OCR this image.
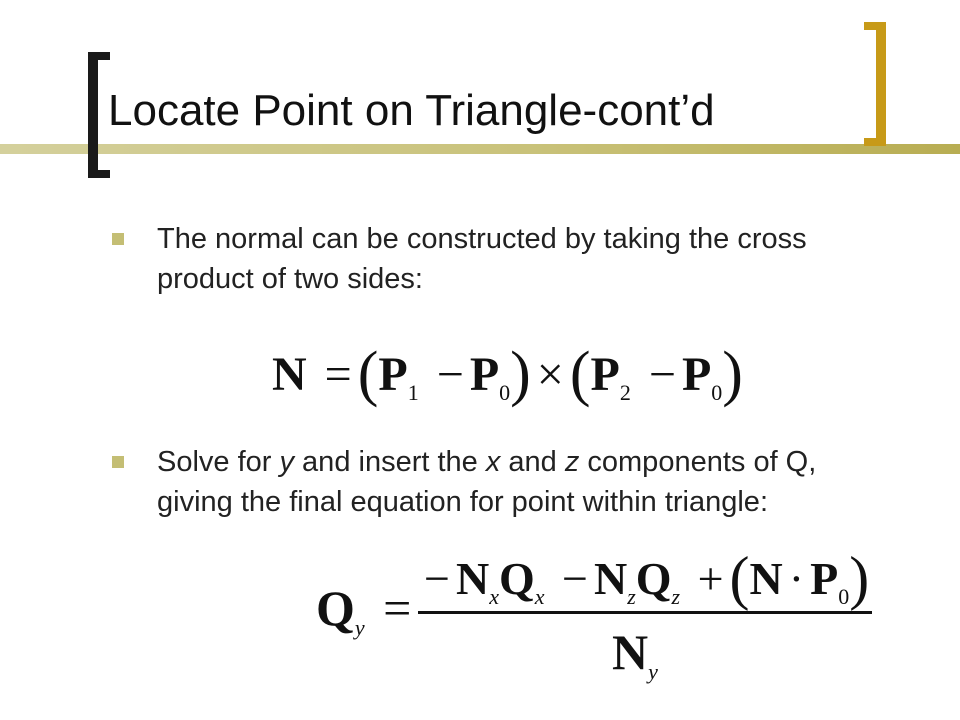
Locate Point on Triangle-cont’d

The normal can be constructed by taking the cross product of two sides:

$N =(P_1 - P_0) \times(P_2 - P_0)$

Solve for y and insert the x and z components of Q, giving the final equation for point within triangle:

$Q_y$ =
− $N_xQ_x - N_zQ_z + (N \cdot P_0)$
$N_y$
